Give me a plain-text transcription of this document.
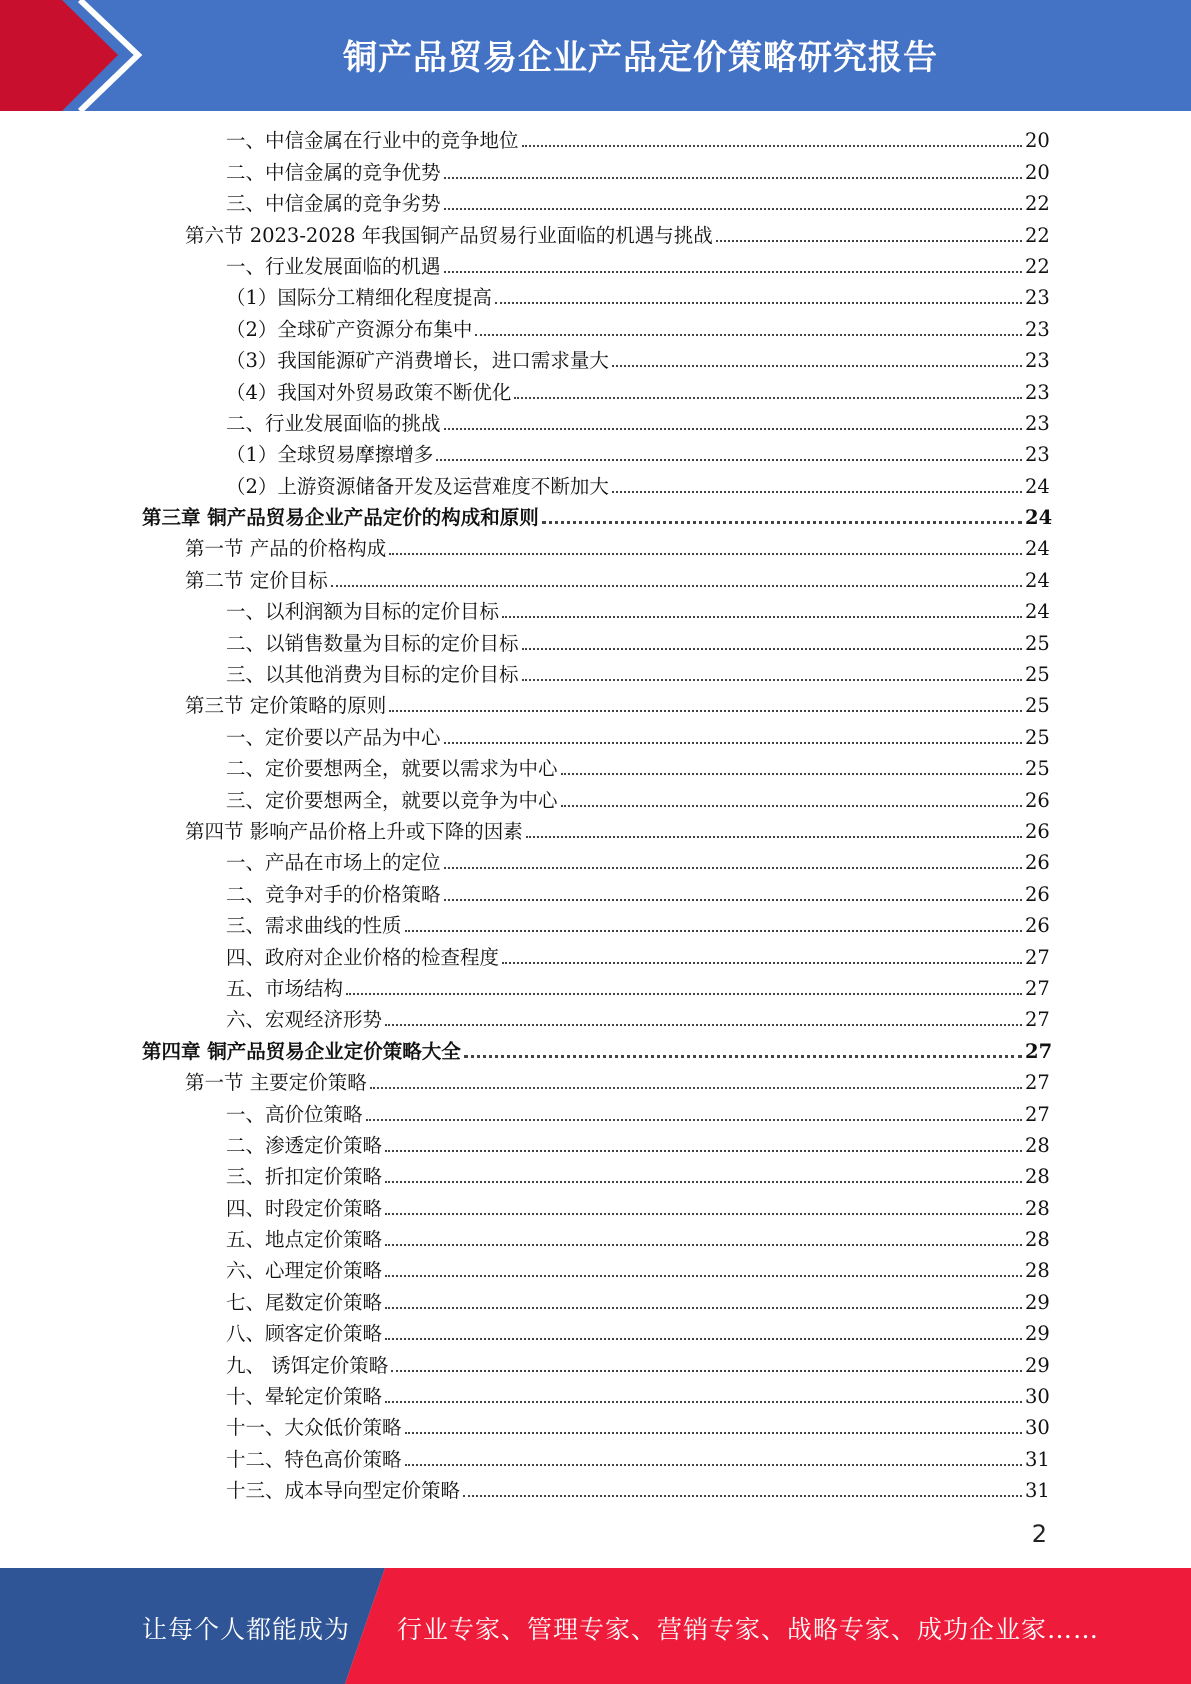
铜产品贸易企业产品定价策略研究报告
一、中信金属在行业中的竞争地位	20
二、中信金属的竞争优势	20
三、中信金属的竞争劣势	22
第六节 2023-2028 年我国铜产品贸易行业面临的机遇与挑战	22
一、行业发展面临的机遇	22
（1）国际分工精细化程度提高	23
（2）全球矿产资源分布集中	23
（3）我国能源矿产消费增长，进口需求量大	23
（4）我国对外贸易政策不断优化	23
二、行业发展面临的挑战	23
（1）全球贸易摩擦增多	23
（2）上游资源储备开发及运营难度不断加大	24
第三章 铜产品贸易企业产品定价的构成和原则	24
第一节 产品的价格构成	24
第二节 定价目标	24
一、以利润额为目标的定价目标	24
二、以销售数量为目标的定价目标	25
三、以其他消费为目标的定价目标	25
第三节 定价策略的原则	25
一、定价要以产品为中心	25
二、定价要想两全，就要以需求为中心	25
三、定价要想两全，就要以竞争为中心	26
第四节 影响产品价格上升或下降的因素	26
一、产品在市场上的定位	26
二、竞争对手的价格策略	26
三、需求曲线的性质	26
四、政府对企业价格的检查程度	27
五、市场结构	27
六、宏观经济形势	27
第四章 铜产品贸易企业定价策略大全	27
第一节 主要定价策略	27
一、高价位策略	27
二、渗透定价策略	28
三、折扣定价策略	28
四、时段定价策略	28
五、地点定价策略	28
六、心理定价策略	28
七、尾数定价策略	29
八、顾客定价策略	29
九、 诱饵定价策略	29
十、晕轮定价策略	30
十一、大众低价策略	30
十二、特色高价策略	31
十三、成本导向型定价策略	31
2
让每个人都能成为 行业专家、管理专家、营销专家、战略专家、成功企业家……
